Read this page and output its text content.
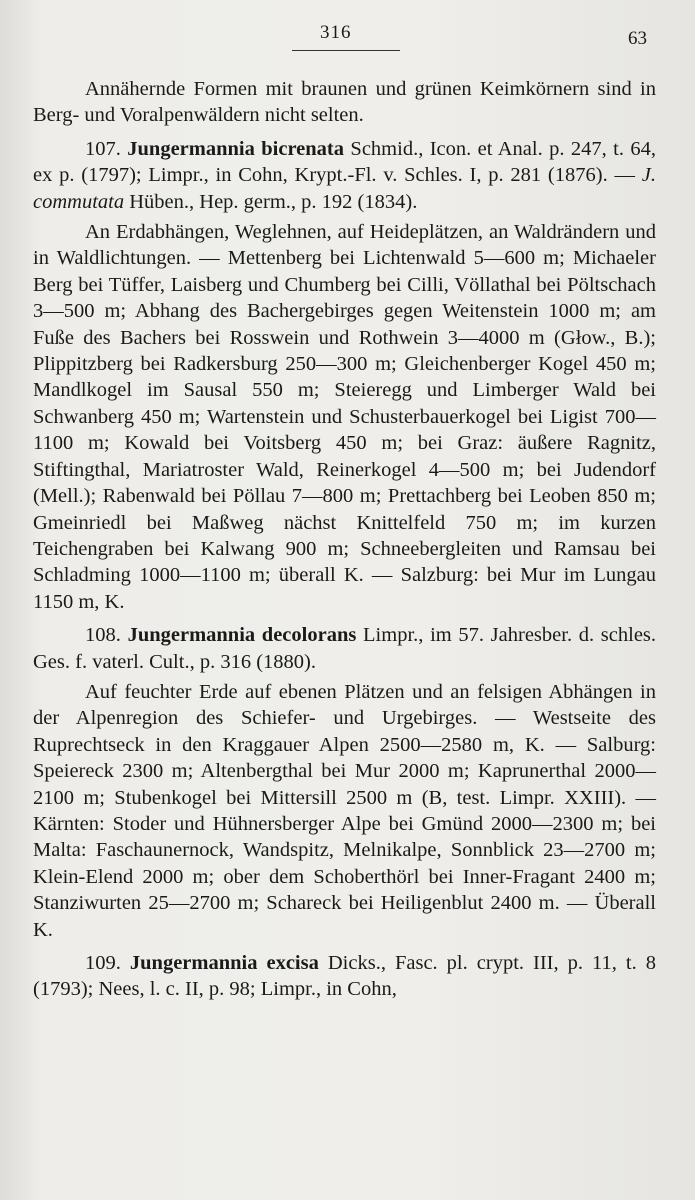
316	63

Annähernde Formen mit braunen und grünen Keimkörnern sind in Berg- und Voralpenwäldern nicht selten.

107. Jungermannia bicrenata Schmid., Icon. et Anal. p. 247, t. 64, ex p. (1797); Limpr., in Cohn, Krypt.-Fl. v. Schles. I, p. 281 (1876). — J. commutata Hüben., Hep. germ., p. 192 (1834).

An Erdabhängen, Weglehnen, auf Heideplätzen, an Waldrändern und in Waldlichtungen. — Mettenberg bei Lichtenwald 5—600 m; Michaeler Berg bei Tüffer, Laisberg und Chumberg bei Cilli, Völlathal bei Pöltschach 3—500 m; Abhang des Bachergebirges gegen Weitenstein 1000 m; am Fuße des Bachers bei Rosswein und Rothwein 3—4000 m (Głow., B.); Plippitzberg bei Radkersburg 250—300 m; Gleichenberger Kogel 450 m; Mandlkogel im Sausal 550 m; Steieregg und Limberger Wald bei Schwanberg 450 m; Wartenstein und Schusterbauerkogel bei Ligist 700—1100 m; Kowald bei Voitsberg 450 m; bei Graz: äußere Ragnitz, Stiftingthal, Mariatroster Wald, Reinerkogel 4—500 m; bei Judendorf (Mell.); Rabenwald bei Pöllau 7—800 m; Prettachberg bei Leoben 850 m; Gmeinriedl bei Maßweg nächst Knittelfeld 750 m; im kurzen Teichengraben bei Kalwang 900 m; Schneebergleiten und Ramsau bei Schladming 1000—1100 m; überall K. — Salzburg: bei Mur im Lungau 1150 m, K.

108. Jungermannia decolorans Limpr., im 57. Jahresber. d. schles. Ges. f. vaterl. Cult., p. 316 (1880).

Auf feuchter Erde auf ebenen Plätzen und an felsigen Abhängen in der Alpenregion des Schiefer- und Urgebirges. — Westseite des Ruprechtseck in den Kraggauer Alpen 2500—2580 m, K. — Salburg: Speiereck 2300 m; Altenbergthal bei Mur 2000 m; Kaprunerthal 2000—2100 m; Stubenkogel bei Mittersill 2500 m (B, test. Limpr. XXIII). — Kärnten: Stoder und Hühnersberger Alpe bei Gmünd 2000—2300 m; bei Malta: Faschaunernock, Wandspitz, Melnikalpe, Sonnblick 23—2700 m; Klein-Elend 2000 m; ober dem Schoberthörl bei Inner-Fragant 2400 m; Stanziwurten 25—2700 m; Schareck bei Heiligenblut 2400 m. — Überall K.

109. Jungermannia excisa Dicks., Fasc. pl. crypt. III, p. 11, t. 8 (1793); Nees, l. c. II, p. 98; Limpr., in Cohn,
